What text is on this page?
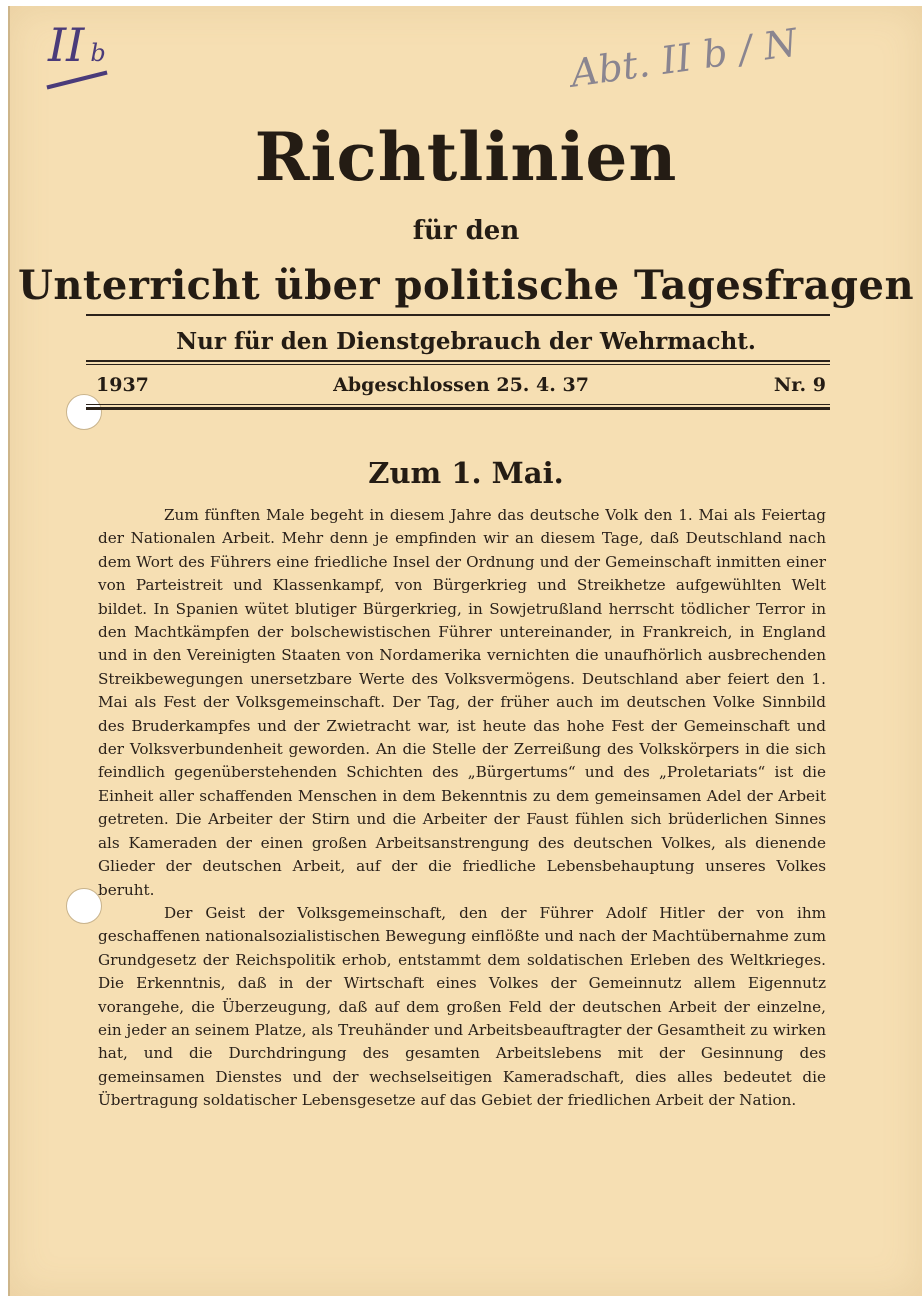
II b	Abt. II b / N
Richtlinien
für den
Unterricht über politische Tagesfragen
Nur für den Dienstgebrauch der Wehrmacht.
1937	Abgeschlossen 25. 4. 37	Nr. 9
Zum 1. Mai.

Zum fünften Male begeht in diesem Jahre das deutsche Volk den 1. Mai als Feiertag der Nationalen Arbeit. Mehr denn je empfinden wir an diesem Tage, daß Deutschland nach dem Wort des Führers eine friedliche Insel der Ordnung und der Gemeinschaft inmitten einer von Parteistreit und Klassenkampf, von Bürgerkrieg und Streikhetze aufgewühlten Welt bildet. In Spanien wütet blutiger Bürgerkrieg, in Sowjetrußland herrscht tödlicher Terror in den Machtkämpfen der bolschewistischen Führer untereinander, in Frankreich, in England und in den Vereinigten Staaten von Nordamerika vernichten die unaufhörlich ausbrechenden Streikbewegungen unersetzbare Werte des Volksvermögens. Deutschland aber feiert den 1. Mai als Fest der Volksgemeinschaft. Der Tag, der früher auch im deutschen Volke Sinnbild des Bruderkampfes und der Zwietracht war, ist heute das hohe Fest der Gemeinschaft und der Volksverbundenheit geworden. An die Stelle der Zerreißung des Volkskörpers in die sich feindlich gegenüberstehenden Schichten des „Bürgertums“ und des „Proletariats“ ist die Einheit aller schaffenden Menschen in dem Bekenntnis zu dem gemeinsamen Adel der Arbeit getreten. Die Arbeiter der Stirn und die Arbeiter der Faust fühlen sich brüderlichen Sinnes als Kameraden der einen großen Arbeitsanstrengung des deutschen Volkes, als dienende Glieder der deutschen Arbeit, auf der die friedliche Lebensbehauptung unseres Volkes beruht.

Der Geist der Volksgemeinschaft, den der Führer Adolf Hitler der von ihm geschaffenen nationalsozialistischen Bewegung einflößte und nach der Machtübernahme zum Grundgesetz der Reichspolitik erhob, entstammt dem soldatischen Erleben des Weltkrieges. Die Erkenntnis, daß in der Wirtschaft eines Volkes der Gemeinnutz allem Eigennutz vorangehe, die Überzeugung, daß auf dem großen Feld der deutschen Arbeit der einzelne, ein jeder an seinem Platze, als Treuhänder und Arbeitsbeauftragter der Gesamtheit zu wirken hat, und die Durchdringung des gesamten Arbeitslebens mit der Gesinnung des gemeinsamen Dienstes und der wechselseitigen Kameradschaft, dies alles bedeutet die Übertragung soldatischer Lebensgesetze auf das Gebiet der friedlichen Arbeit der Nation.
